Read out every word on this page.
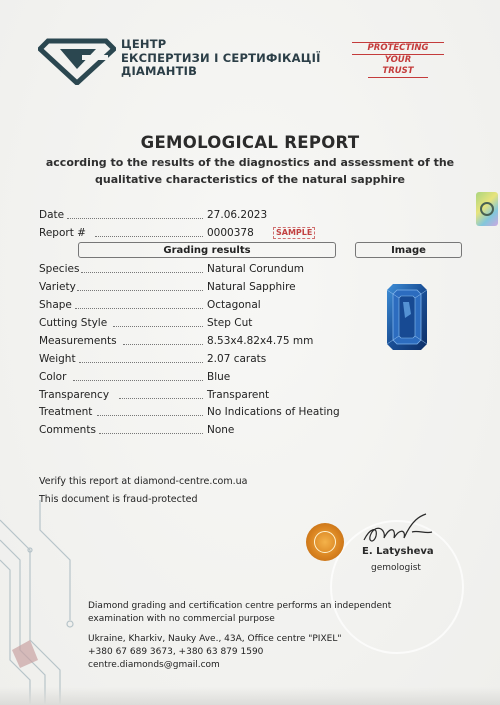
ЦЕНТР
ЕКСПЕРТИЗИ І СЕРТИФІКАЦІЇ
ДІАМАНТІВ
PROTECTING
YOUR
TRUST
GEMOLOGICAL REPORT
according to the results of the diagnostics and assessment of the
qualitative characteristics of the natural sapphire
Date	27.06.2023
Report #	0000378	SAMPLE
Grading results	Image
Species	Natural Corundum
Variety	Natural Sapphire
Shape	Octagonal
Cutting Style	Step Cut
Measurements	8.53x4.82x4.75 mm
Weight	2.07 carats
Color	Blue
Transparency	Transparent
Treatment	No Indications of Heating
Comments	None
Verify this report at diamond-centre.com.ua
This document is fraud-protected
E. Latysheva
gemologist
Diamond grading and certification centre performs an independent
examination with no commercial purpose
Ukraine, Kharkiv, Nauky Ave., 43A, Office centre "PIXEL"
+380 67 689 3673, +380 63 879 1590
centre.diamonds@gmail.com
